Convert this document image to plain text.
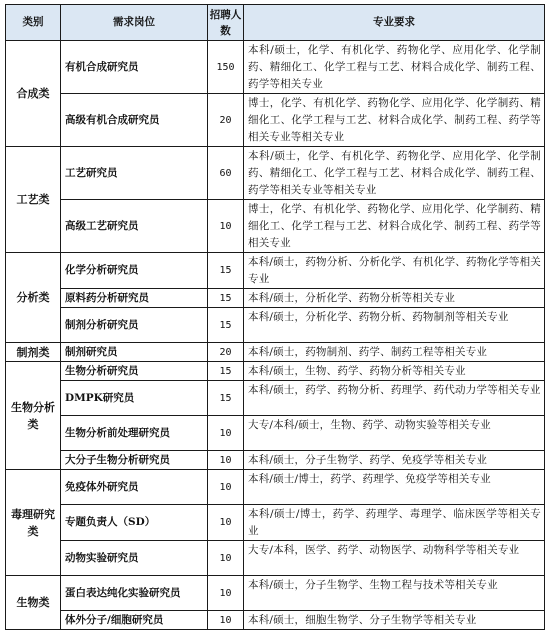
类别	需求岗位	招聘人数	专业要求
合成类	有机合成研究员	150	本科/硕士，化学、有机化学、药物化学、应用化学、化学制药、精细化工、化学工程与工艺、材料合成化学、制药工程、药学等相关专业
	高级有机合成研究员	20	博士，化学、有机化学、药物化学、应用化学、化学制药、精细化工、化学工程与工艺、材料合成化学、制药工程、药学等相关专业等相关专业
工艺类	工艺研究员	60	本科/硕士，化学、有机化学、药物化学、应用化学、化学制药、精细化工、化学工程与工艺、材料合成化学、制药工程、药学等相关专业等相关专业
	高级工艺研究员	10	博士，化学、有机化学、药物化学、应用化学、化学制药、精细化工、化学工程与工艺、材料合成化学、制药工程、药学等相关专业
分析类	化学分析研究员	15	本科/硕士，药物分析、分析化学、有机化学、药物化学等相关专业
	原料药分析研究员	15	本科/硕士，分析化学、药物分析等相关专业
	制剂分析研究员	15	本科/硕士，分析化学、药物分析、药物制剂等相关专业
制剂类	制剂研究员	20	本科/硕士，药物制剂、药学、制药工程等相关专业
生物分析类	生物分析研究员	15	本科/硕士，生物、药学、药物分析等相关专业
	DMPK研究员	15	本科/硕士，药学、药物分析、药理学、药代动力学等相关专业
	生物分析前处理研究员	10	大专/本科/硕士，生物、药学、动物实验等相关专业
	大分子生物分析研究员	10	本科/硕士，分子生物学、药学、免疫学等相关专业
毒理研究类	免疫体外研究员	10	本科/硕士/博士，药学、药理学、免疫学等相关专业
	专题负责人（SD）	10	本科/硕士/博士，药学、药理学、毒理学、临床医学等相关专业
	动物实验研究员	10	大专/本科，医学、药学、动物医学、动物科学等相关专业
生物类	蛋白表达纯化实验研究员	10	本科/硕士，分子生物学、生物工程与技术等相关专业
	体外分子/细胞研究员	10	本科/硕士，细胞生物学、分子生物学等相关专业
